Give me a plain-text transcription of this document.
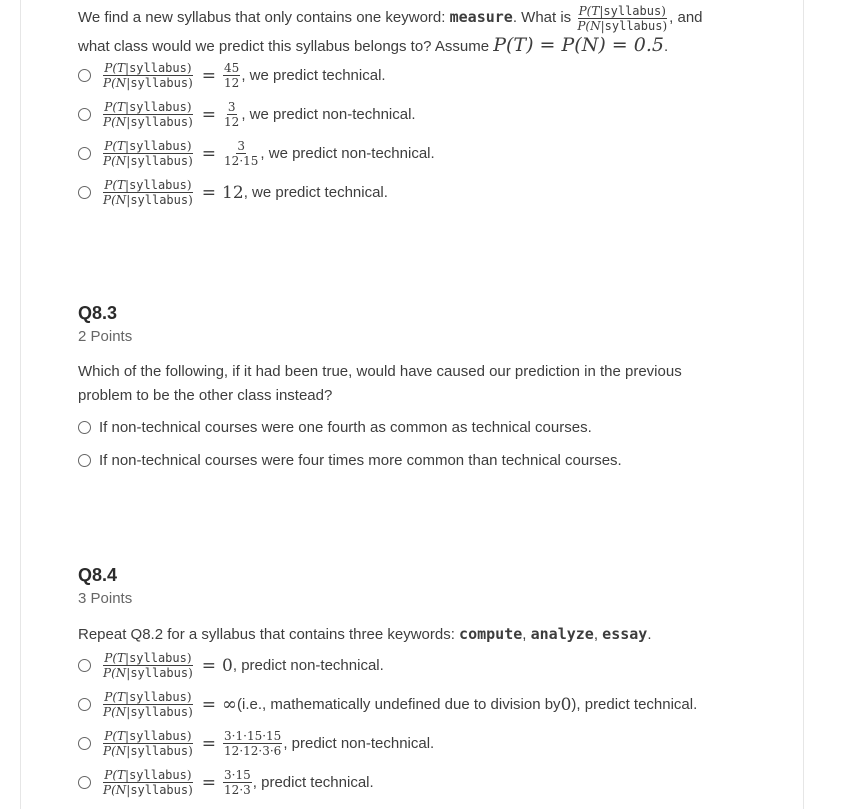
We find a new syllabus that only contains one keyword: measure. What is $\frac{\text{P(T|syllabus)}}{\text{P(N|syllabus)}}$ , and
what class would we predict this syllabus belongs to? Assume P(T) = P(N) = 0.5.
$\frac{\text{P(T|syllabus)}}{\text{P(N|syllabus)}} = \frac{45}{12}$ , we predict technical.
$\frac{\text{P(T|syllabus)}}{\text{P(N|syllabus)}} = \frac{3}{12}$ , we predict non-technical.
$\frac{\text{P(T|syllabus)}}{\text{P(N|syllabus)}} = \frac{3}{12\cdot 15}$ , we predict non-technical.
$\frac{\text{P(T|syllabus)}}{\text{P(N|syllabus)}} = 12$ , we predict technical.
Q8.3
2 Points
Which of the following, if it had been true, would have caused our prediction in the previous
problem to be the other class instead?
If non-technical courses were one fourth as common as technical courses.
If non-technical courses were four times more common than technical courses.
Q8.4
3 Points
Repeat Q8.2 for a syllabus that contains three keywords: compute, analyze, essay.
$\frac{\text{P(T|syllabus)}}{\text{P(N|syllabus)}} = 0$ , predict non-technical.
$\frac{\text{P(T|syllabus)}}{\text{P(N|syllabus)}}$ = ∞ (i.e., mathematically undefined due to division by 0 ), predict technical.
$\frac{\text{P(T|syllabus)}}{\text{P(N|syllabus)}} = \frac{3\cdot 1\cdot 15\cdot 15}{12\cdot 12\cdot 3\cdot 6}$ , predict non-technical.
$\frac{\text{P(T|syllabus)}}{\text{P(N|syllabus)}} = \frac{3\cdot 15}{12\cdot 3}$ , predict technical.
